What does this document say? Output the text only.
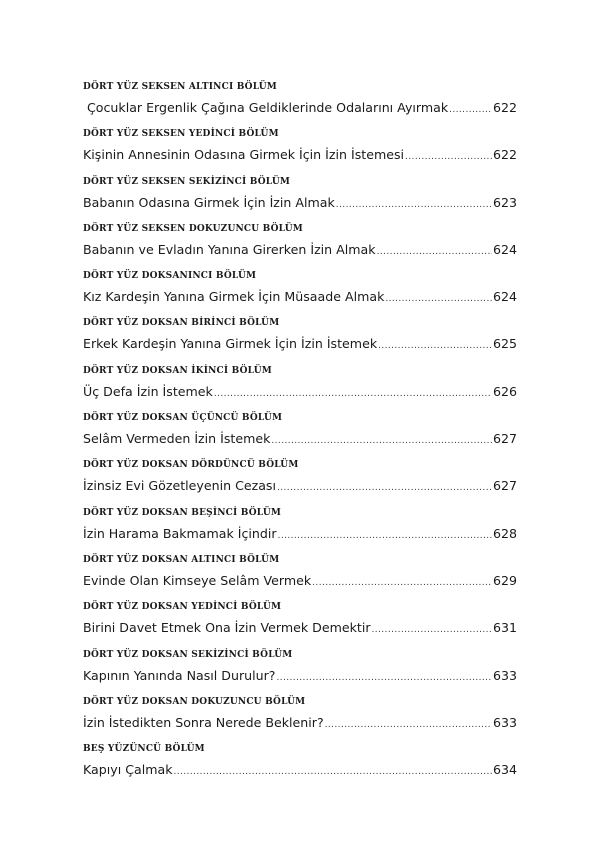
DÖRT YÜZ SEKSEN ALTINCI BÖLÜM
Çocuklar Ergenlik Çağına Geldiklerinde Odalarını Ayırmak .....	622
DÖRT YÜZ SEKSEN YEDİNCİ BÖLÜM
Kişinin Annesinin Odasına Girmek İçin İzin İstemesi .....	622
DÖRT YÜZ SEKSEN SEKİZİNCİ BÖLÜM
Babanın Odasına Girmek İçin İzin Almak .....	623
DÖRT YÜZ SEKSEN DOKUZUNCU BÖLÜM
Babanın ve Evladın Yanına Girerken İzin Almak .....	624
DÖRT YÜZ DOKSANINCI BÖLÜM
Kız Kardeşin Yanına Girmek İçin Müsaade Almak .....	624
DÖRT YÜZ DOKSAN BİRİNCİ BÖLÜM
Erkek Kardeşin Yanına Girmek İçin İzin İstemek .....	625
DÖRT YÜZ DOKSAN İKİNCİ BÖLÜM
Üç Defa İzin İstemek .....	626
DÖRT YÜZ DOKSAN ÜÇÜNCÜ BÖLÜM
Selâm Vermeden İzin İstemek .....	627
DÖRT YÜZ DOKSAN DÖRDÜNCÜ BÖLÜM
İzinsiz Evi Gözetleyenin Cezası .....	627
DÖRT YÜZ DOKSAN BEŞİNCİ BÖLÜM
İzin Harama Bakmamak İçindir .....	628
DÖRT YÜZ DOKSAN ALTINCI BÖLÜM
Evinde Olan Kimseye Selâm Vermek .....	629
DÖRT YÜZ DOKSAN YEDİNCİ BÖLÜM
Birini Davet Etmek Ona İzin Vermek Demektir .....	631
DÖRT YÜZ DOKSAN SEKİZİNCİ BÖLÜM
Kapının Yanında Nasıl Durulur? .....	633
DÖRT YÜZ DOKSAN DOKUZUNCU BÖLÜM
İzin İstedikten Sonra Nerede Beklenir? .....	633
BEŞ YÜZÜNCÜ BÖLÜM
Kapıyı Çalmak .....	634
